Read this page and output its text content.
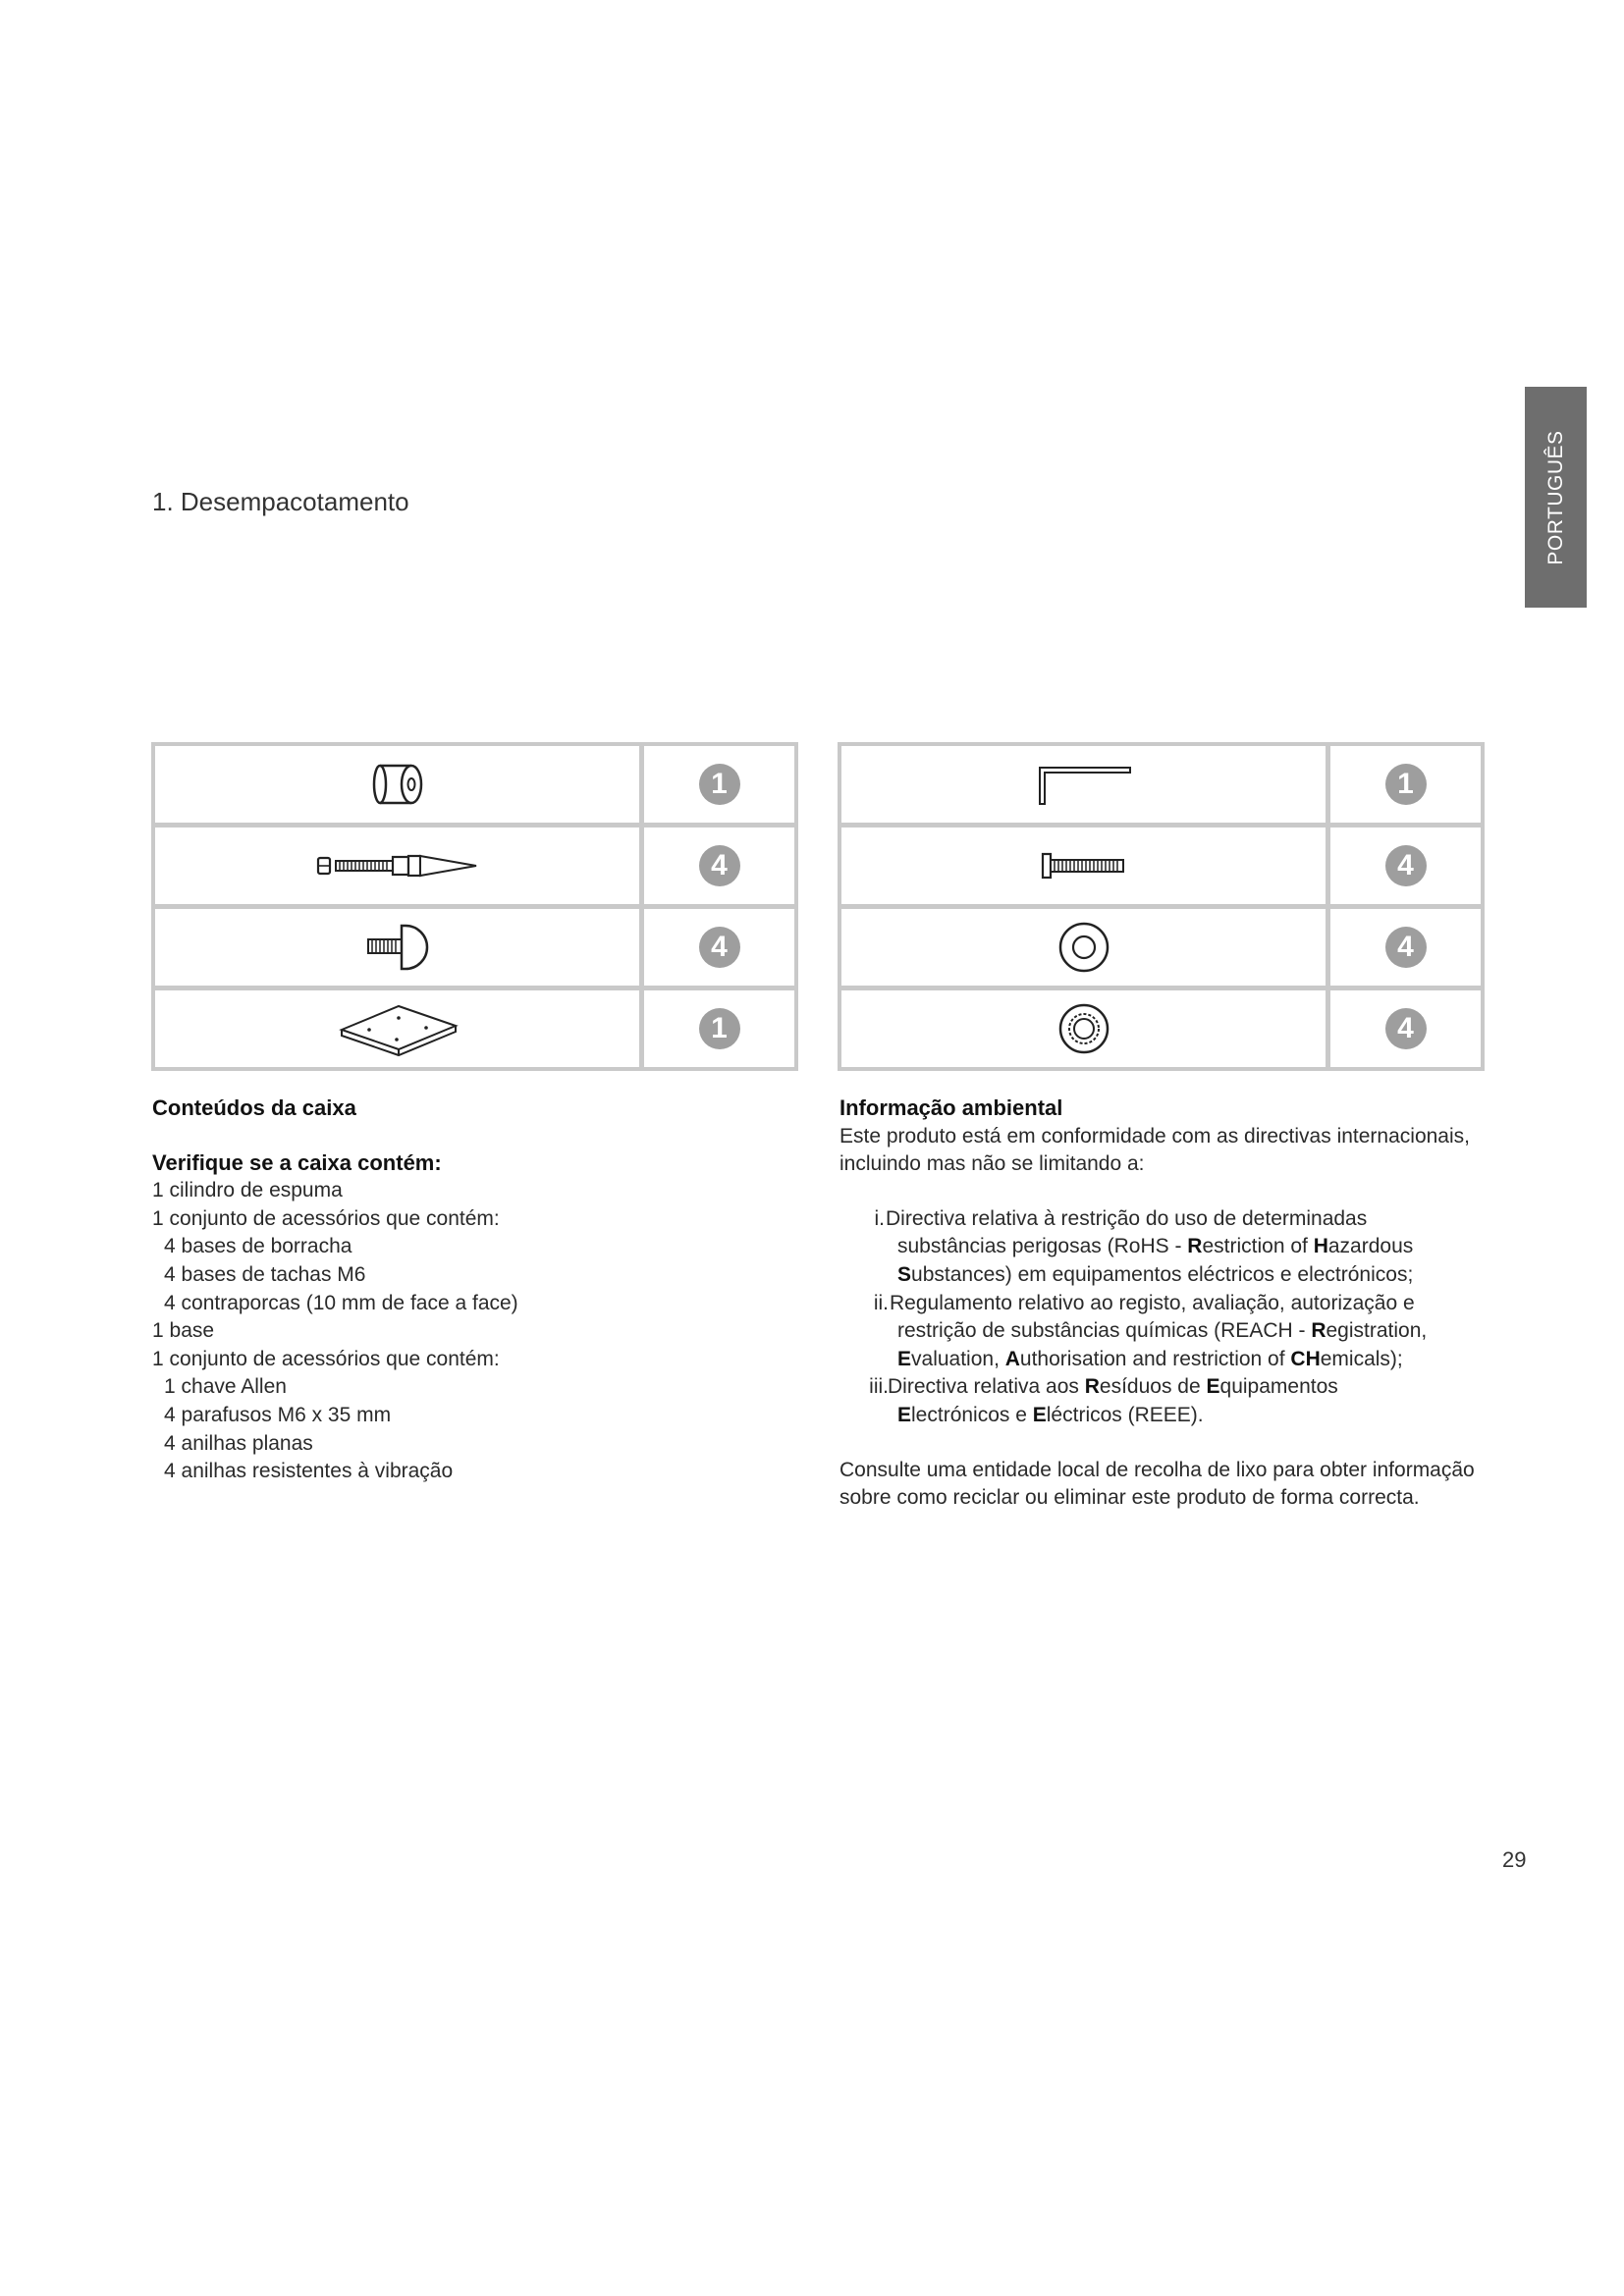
PORTUGUÊS
1. Desempacotamento
1
4
4
1
1
4
4
4
Conteúdos da caixa
Verifique se a caixa contém:
1 cilindro de espuma
1 conjunto de acessórios que contém:
4 bases de borracha
4 bases de tachas M6
4 contraporcas (10 mm de face a face)
1 base
1 conjunto de acessórios que contém:
1 chave Allen
4 parafusos M6 x 35 mm
4 anilhas planas
4 anilhas resistentes à vibração
Informação ambiental

Este produto está em conformidade com as directivas internacionais, incluindo mas não se limitando a:

i. Directiva relativa à restrição do uso de determinadas
substâncias perigosas (RoHS - Restriction of Hazardous
Substances) em equipamentos eléctricos e electrónicos;
ii. Regulamento relativo ao registo, avaliação, autorização e
restrição de substâncias químicas (REACH - Registration,
Evaluation, Authorisation and restriction of CHemicals);
iii. Directiva relativa aos Resíduos de Equipamentos
Electrónicos e Eléctricos (REEE).

Consulte uma entidade local de recolha de lixo para obter informação sobre como reciclar ou eliminar este produto de forma correcta.

29
